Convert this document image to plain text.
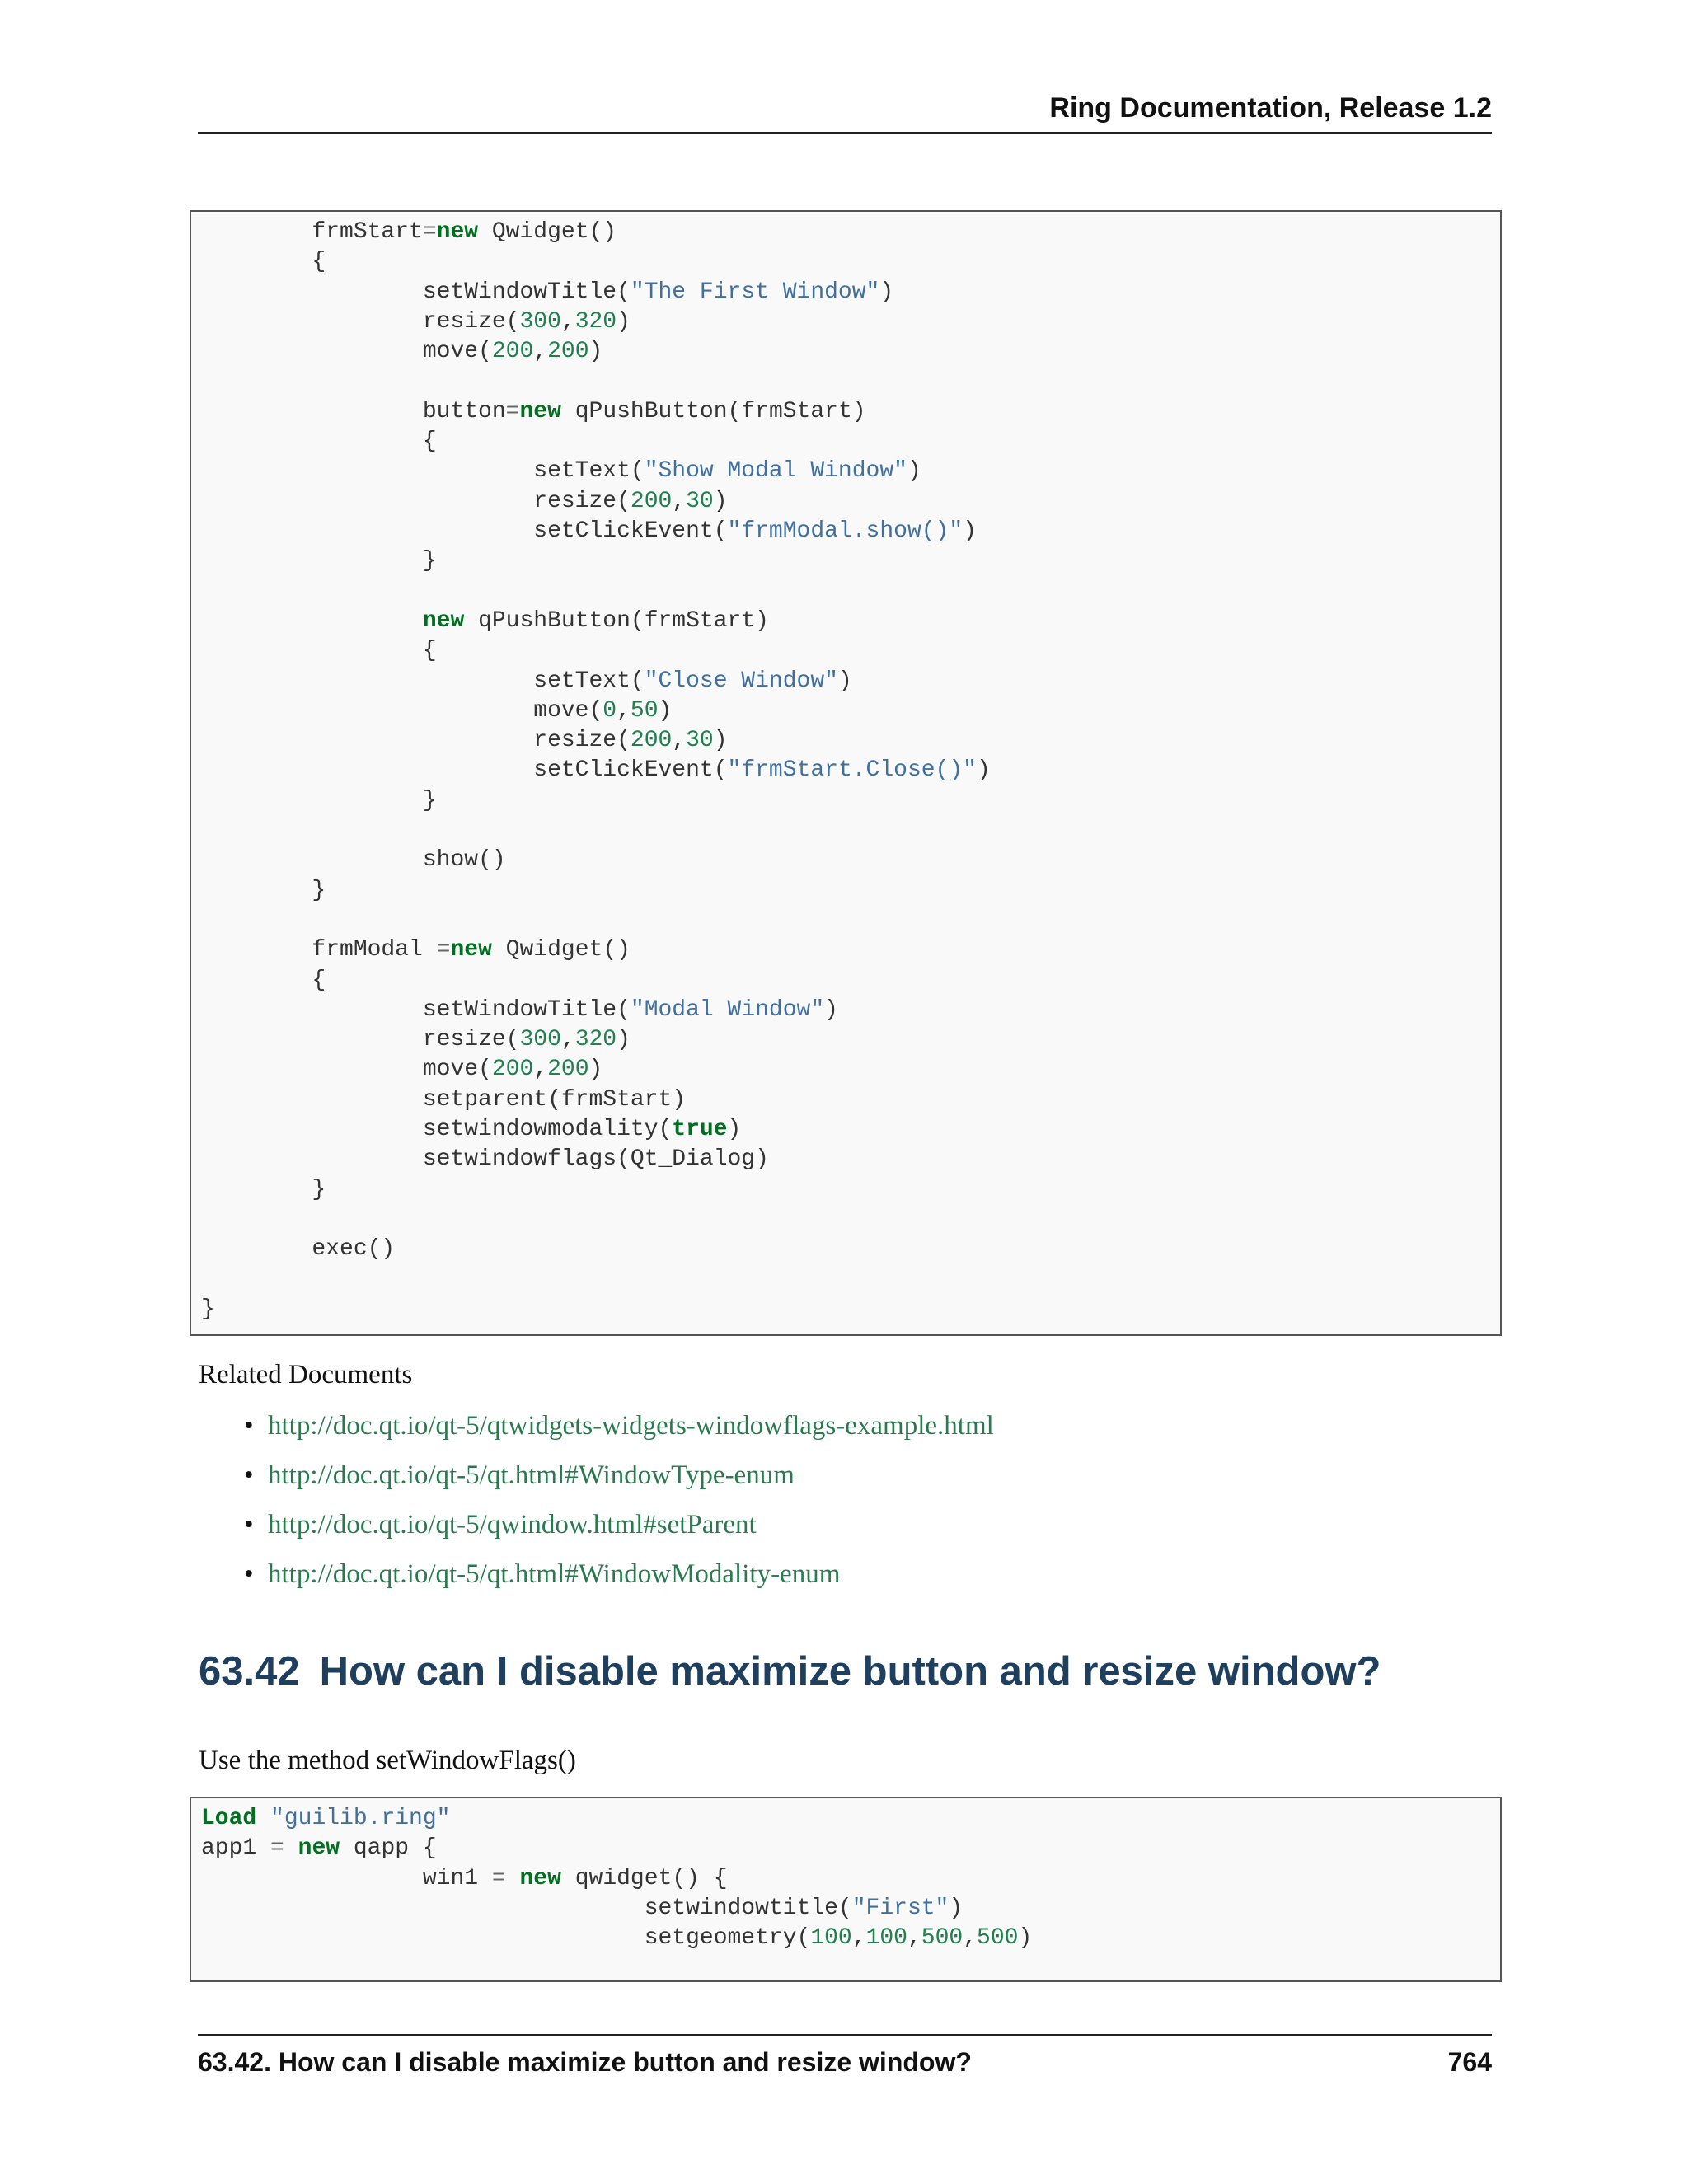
Ring Documentation, Release 1.2
	frmStart=new Qwidget()
	{
		setWindowTitle("The First Window")
		resize(300,320)
		move(200,200)
		button=new qPushButton(frmStart)
		{
			setText("Show Modal Window")
			resize(200,30)
			setClickEvent("frmModal.show()")
		}
		new qPushButton(frmStart)
		{
			setText("Close Window")
			move(0,50)
			resize(200,30)
			setClickEvent("frmStart.Close()")
		}
		show()
	}
	frmModal =new Qwidget()
	{
		setWindowTitle("Modal Window")
		resize(300,320)
		move(200,200)
		setparent(frmStart)
		setwindowmodality(true)
		setwindowflags(Qt_Dialog)
	}
	exec()
}
Related Documents
• http://doc.qt.io/qt-5/qtwidgets-widgets-windowflags-example.html
• http://doc.qt.io/qt-5/qt.html#WindowType-enum
• http://doc.qt.io/qt-5/qwindow.html#setParent
• http://doc.qt.io/qt-5/qt.html#WindowModality-enum
63.42 How can I disable maximize button and resize window?
Use the method setWindowFlags()
Load "guilib.ring"
app1 = new qapp {
		win1 = new qwidget() {
				setwindowtitle("First")
				setgeometry(100,100,500,500)
63.42. How can I disable maximize button and resize window?	764
